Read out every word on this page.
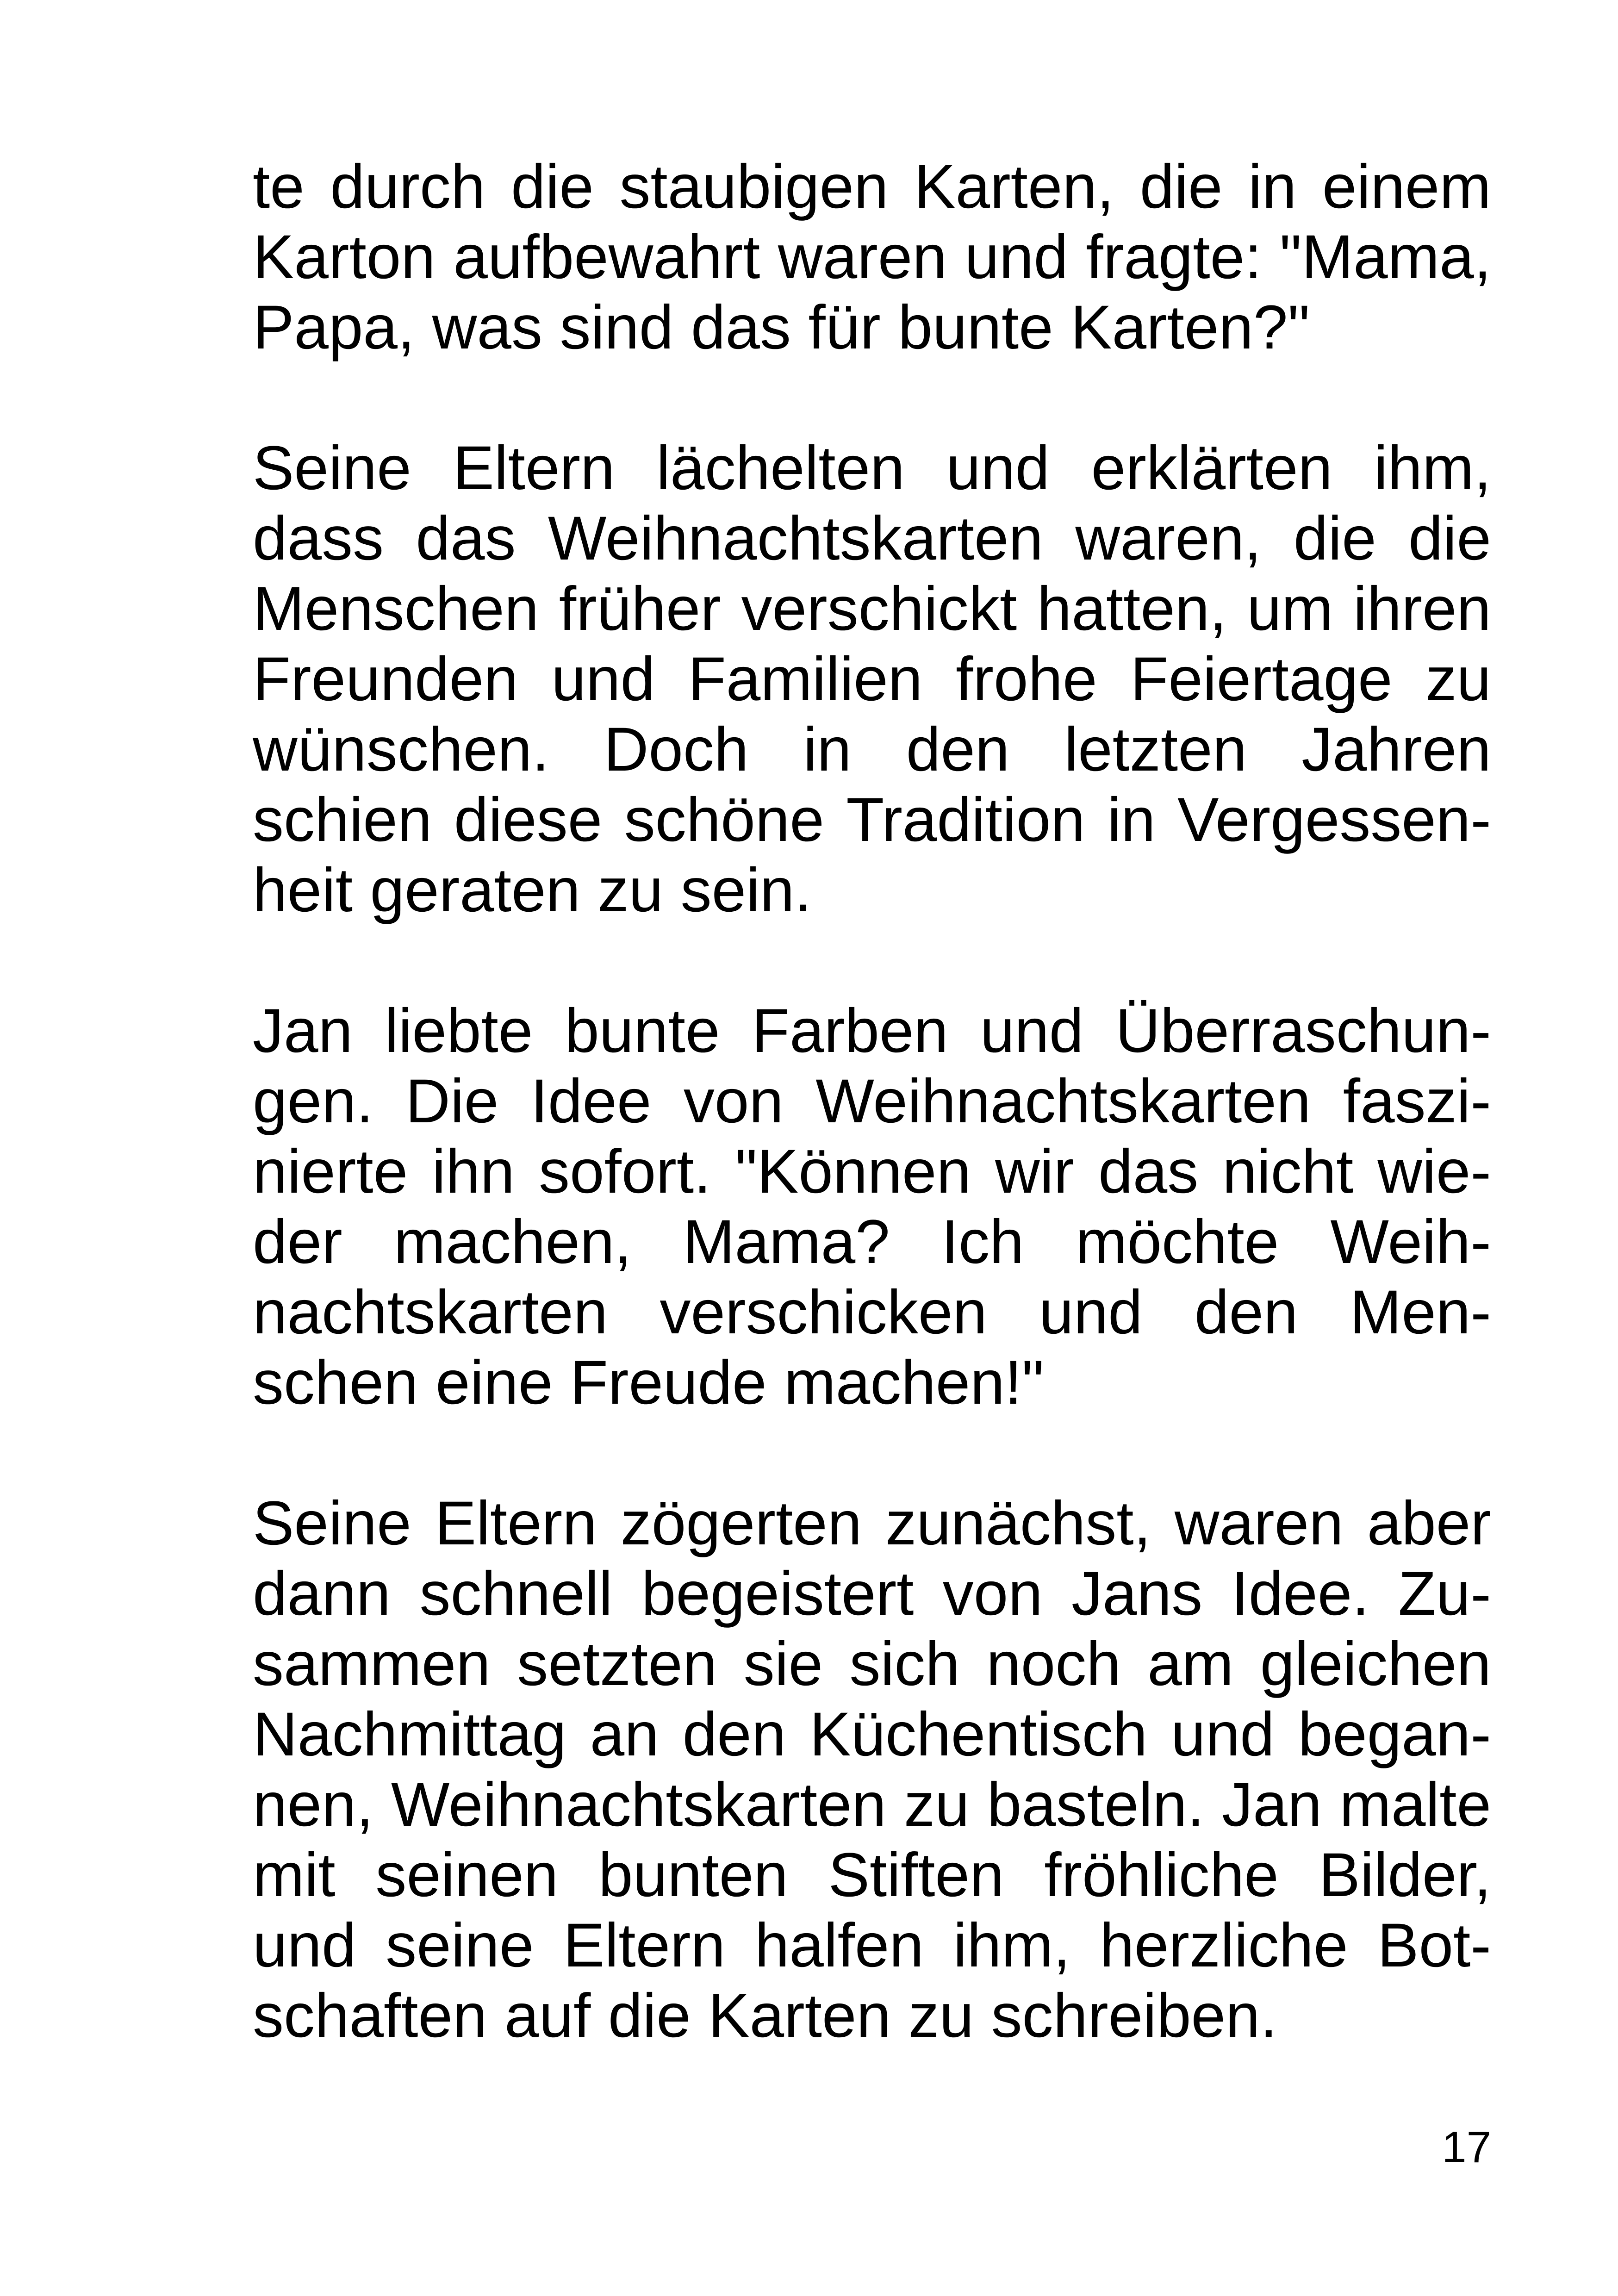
te durch die staubigen Karten, die in einem
Karton aufbewahrt waren und fragte: "Mama,
Papa, was sind das für bunte Karten?"
Seine Eltern lächelten und erklärten ihm,
dass das Weihnachtskarten waren, die die
Menschen früher verschickt hatten, um ihren
Freunden und Familien frohe Feiertage zu
wünschen. Doch in den letzten Jahren
schien diese schöne Tradition in Vergessen-
heit geraten zu sein.
Jan liebte bunte Farben und Überraschun-
gen. Die Idee von Weihnachtskarten faszi-
nierte ihn sofort. "Können wir das nicht wie-
der machen, Mama? Ich möchte Weih-
nachtskarten verschicken und den Men-
schen eine Freude machen!"
Seine Eltern zögerten zunächst, waren aber
dann schnell begeistert von Jans Idee. Zu-
sammen setzten sie sich noch am gleichen
Nachmittag an den Küchentisch und began-
nen, Weihnachtskarten zu basteln. Jan malte
mit seinen bunten Stiften fröhliche Bilder,
und seine Eltern halfen ihm, herzliche Bot-
schaften auf die Karten zu schreiben.
17
